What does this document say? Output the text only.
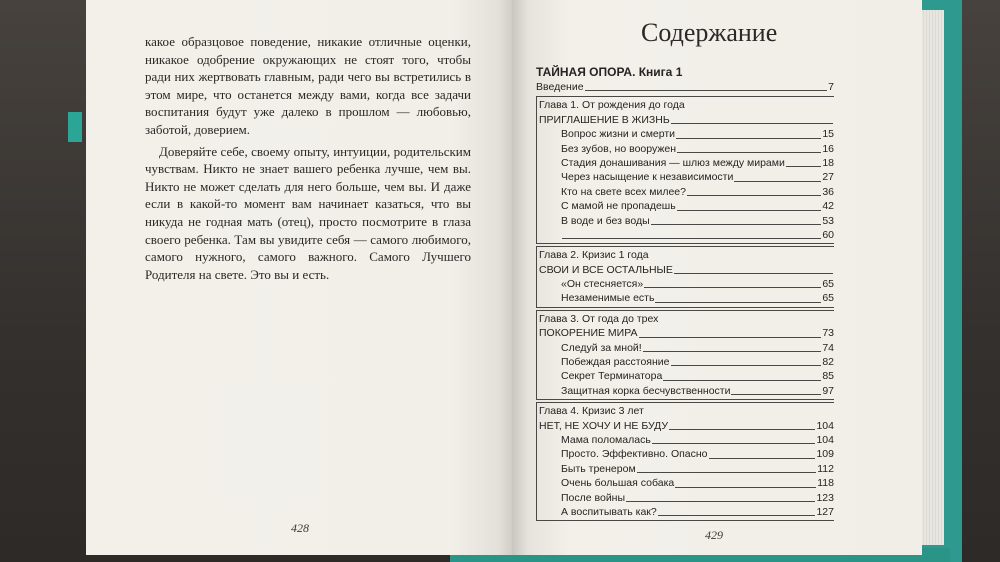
какое образцовое поведение, никакие отличные оценки, никакое одобрение окружающих не стоят того, чтобы ради них жертвовать главным, ради чего вы встретились в этом мире, что останется между вами, когда все задачи воспитания будут уже далеко в прошлом — любовью, заботой, доверием.

Доверяйте себе, своему опыту, интуиции, родительским чувствам. Никто не знает вашего ребенка лучше, чем вы. Никто не может сделать для него больше, чем вы. И даже если в какой-то момент вам начинает казаться, что вы никуда не годная мать (отец), просто посмотрите в глаза своего ребенка. Там вы увидите себя — самого любимого, самого нужного, самого важного. Самого Лучшего Родителя на свете. Это вы и есть.

428
Содержание
ТАЙНАЯ ОПОРА. Книга 1
Введение	7
Глава 1. От рождения до года
ПРИГЛАШЕНИЕ В ЖИЗНЬ
Вопрос жизни и смерти	15
Без зубов, но вооружен	16
Стадия донашивания — шлюз между мирами	18
Через насыщение к независимости	27
Кто на свете всех милее?	36
С мамой не пропадешь	42
В воде и без воды	53
60
Глава 2. Кризис 1 года
СВОИ И ВСЕ ОСТАЛЬНЫЕ
«Он стесняется»	65
Незаменимые есть	65
Глава 3. От года до трех
ПОКОРЕНИЕ МИРА	73
Следуй за мной!	74
Побеждая расстояние	82
Секрет Терминатора	85
Защитная корка бесчувственности	97
Глава 4. Кризис 3 лет
НЕТ, НЕ ХОЧУ И НЕ БУДУ	104
Мама поломалась	104
Просто. Эффективно. Опасно	109
Быть тренером	112
Очень большая собака	118
После войны	123
А воспитывать как?	127
429
